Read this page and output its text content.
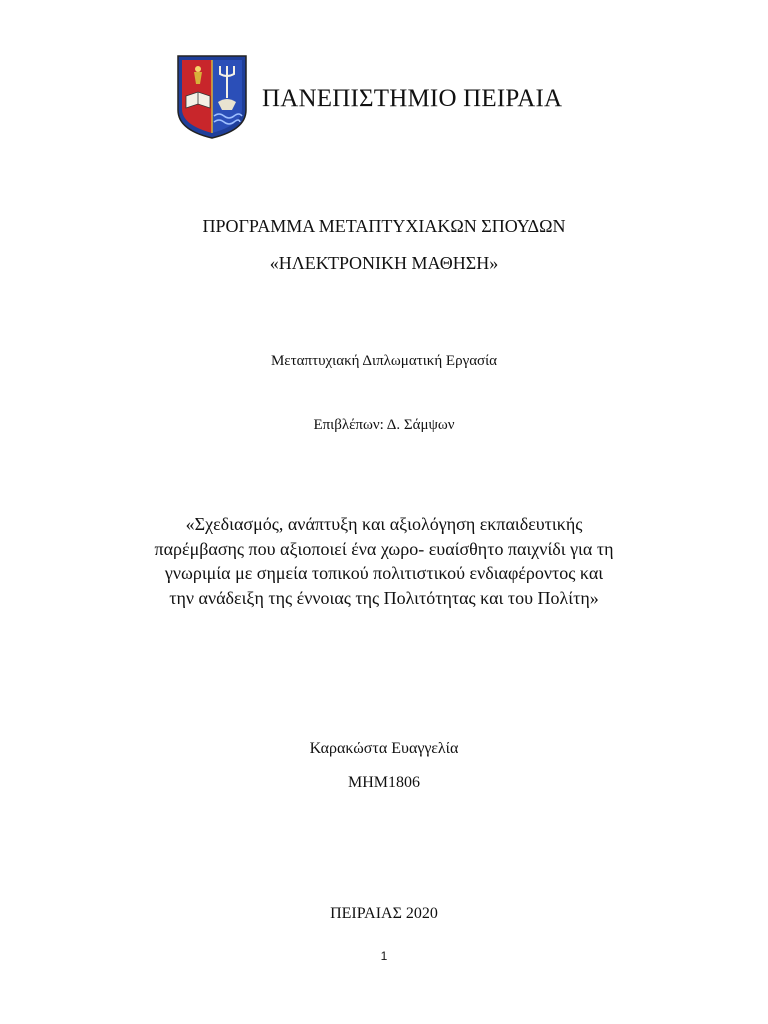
ΠΑΝΕΠΙΣΤΗΜΙΟ ΠΕΙΡΑΙΑ
ΠΡΟΓΡΑΜΜΑ ΜΕΤΑΠΤΥΧΙΑΚΩΝ ΣΠΟΥΔΩΝ
«ΗΛΕΚΤΡΟΝΙΚΗ ΜΑΘΗΣΗ»
Μεταπτυχιακή Διπλωματική Εργασία
Επιβλέπων: Δ. Σάμψων
«Σχεδιασμός, ανάπτυξη και αξιολόγηση εκπαιδευτικής
παρέμβασης που αξιοποιεί ένα χωρο- ευαίσθητο παιχνίδι για τη
γνωριμία με σημεία τοπικού πολιτιστικού ενδιαφέροντος και
την ανάδειξη της έννοιας της Πολιτότητας και του Πολίτη»
Καρακώστα Ευαγγελία
ΜΗΜ1806
ΠΕΙΡΑΙΑΣ 2020
1
